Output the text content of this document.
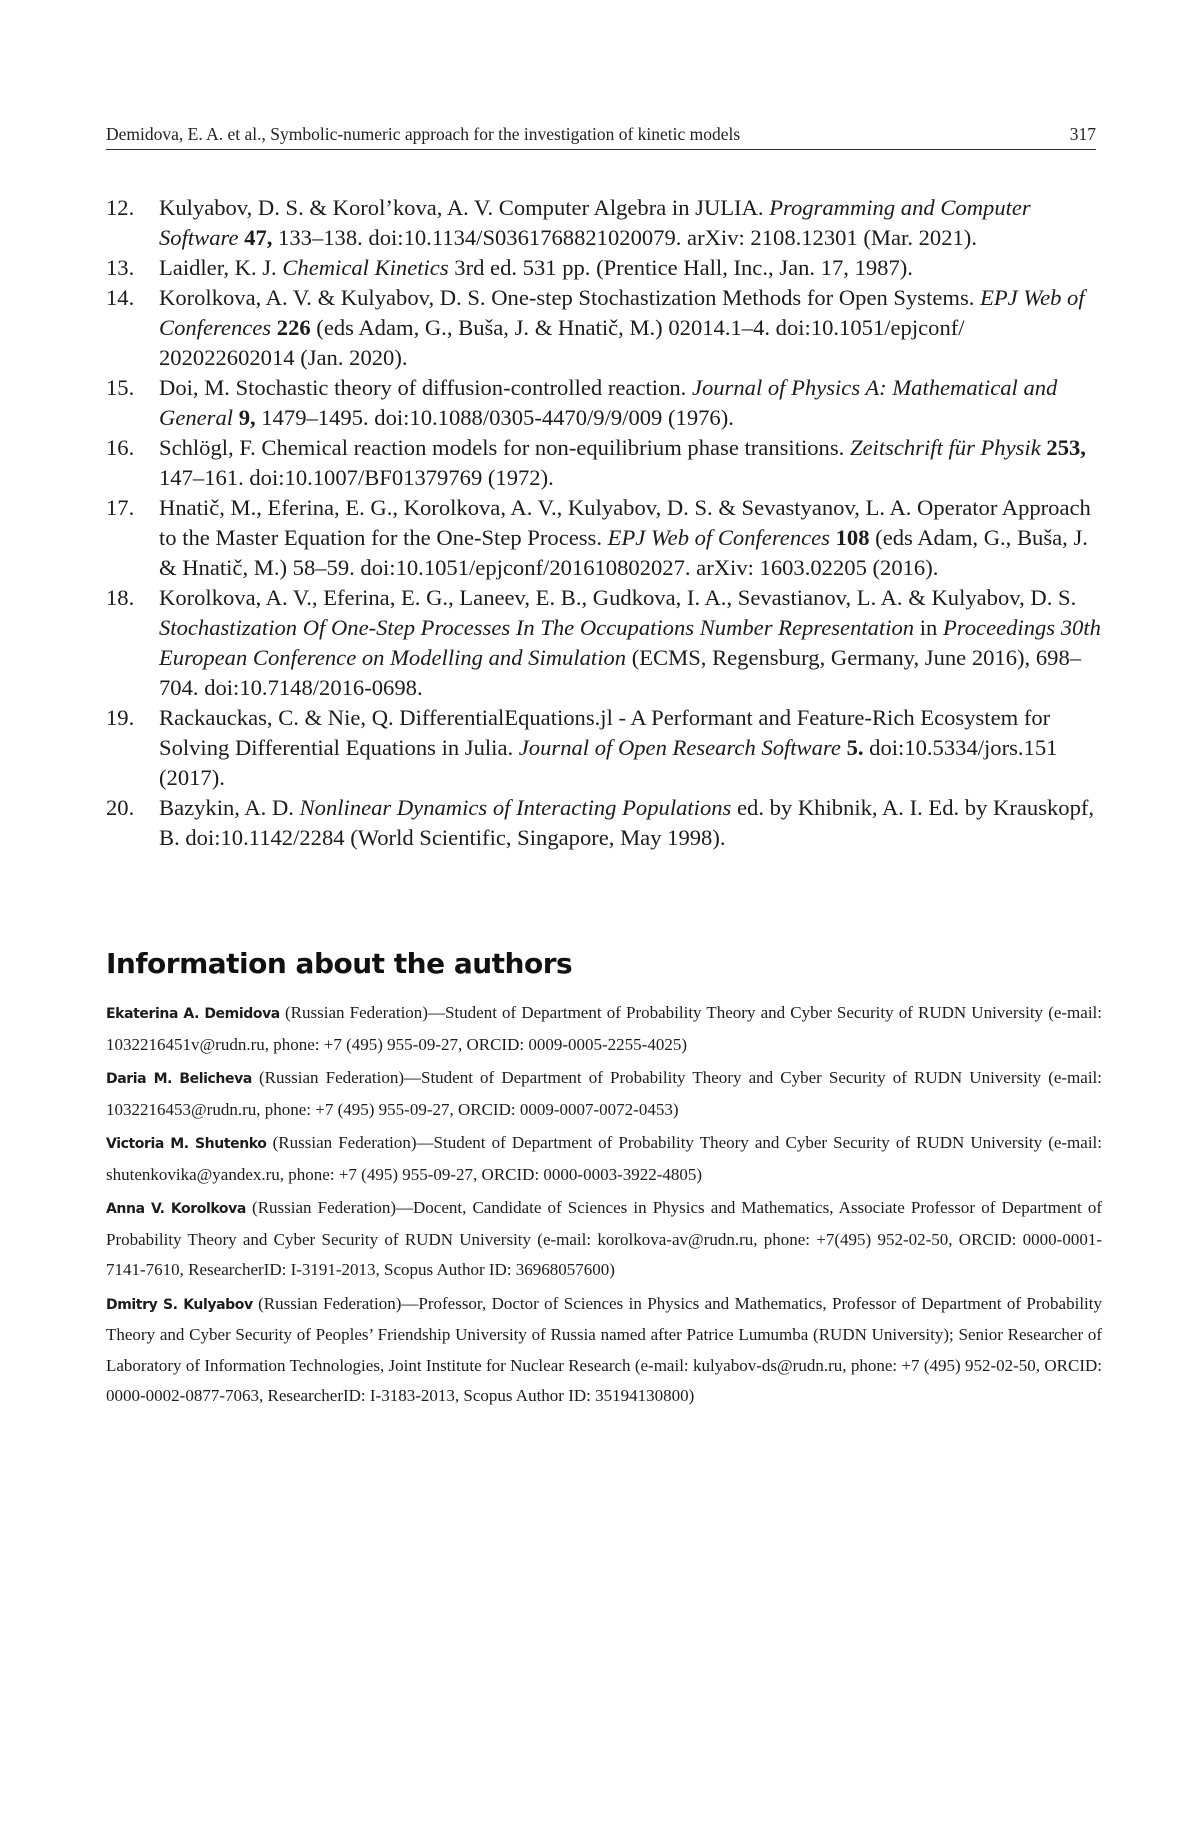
Demidova, E. A. et al., Symbolic-numeric approach for the investigation of kinetic models	317
12. Kulyabov, D. S. & Korol’kova, A. V. Computer Algebra in JULIA. Programming and Computer Software 47, 133–138. doi:10.1134/S0361768821020079. arXiv: 2108.12301 (Mar. 2021).
13. Laidler, K. J. Chemical Kinetics 3rd ed. 531 pp. (Prentice Hall, Inc., Jan. 17, 1987).
14. Korolkova, A. V. & Kulyabov, D. S. One-step Stochastization Methods for Open Systems. EPJ Web of Conferences 226 (eds Adam, G., Buša, J. & Hnatič, M.) 02014.1–4. doi:10.1051/epjconf/ 202022602014 (Jan. 2020).
15. Doi, M. Stochastic theory of diffusion-controlled reaction. Journal of Physics A: Mathematical and General 9, 1479–1495. doi:10.1088/0305-4470/9/9/009 (1976).
16. Schlögl, F. Chemical reaction models for non-equilibrium phase transitions. Zeitschrift für Physik 253, 147–161. doi:10.1007/BF01379769 (1972).
17. Hnatič, M., Eferina, E. G., Korolkova, A. V., Kulyabov, D. S. & Sevastyanov, L. A. Operator Approach to the Master Equation for the One-Step Process. EPJ Web of Conferences 108 (eds Adam, G., Buša, J. & Hnatič, M.) 58–59. doi:10.1051/epjconf/201610802027. arXiv: 1603.02205 (2016).
18. Korolkova, A. V., Eferina, E. G., Laneev, E. B., Gudkova, I. A., Sevastianov, L. A. & Kulyabov, D. S. Stochastization Of One-Step Processes In The Occupations Number Representation in Proceedings 30th European Conference on Modelling and Simulation (ECMS, Regensburg, Germany, June 2016), 698–704. doi:10.7148/2016-0698.
19. Rackauckas, C. & Nie, Q. DifferentialEquations.jl - A Performant and Feature-Rich Ecosystem for Solving Differential Equations in Julia. Journal of Open Research Software 5. doi:10.5334/jors.151 (2017).
20. Bazykin, A. D. Nonlinear Dynamics of Interacting Populations ed. by Khibnik, A. I. Ed. by Krauskopf, B. doi:10.1142/2284 (World Scientific, Singapore, May 1998).
Information about the authors

Ekaterina A. Demidova (Russian Federation)—Student of Department of Probability Theory and Cyber Security of RUDN University (e-mail: 1032216451v@rudn.ru, phone: +7 (495) 955-09-27, ORCID: 0009-0005-2255-4025)

Daria M. Belicheva (Russian Federation)—Student of Department of Probability Theory and Cyber Security of RUDN University (e-mail: 1032216453@rudn.ru, phone: +7 (495) 955-09-27, ORCID: 0009-0007-0072-0453)

Victoria M. Shutenko (Russian Federation)—Student of Department of Probability Theory and Cyber Security of RUDN University (e-mail: shutenkovika@yandex.ru, phone: +7 (495) 955-09-27, ORCID: 0000-0003-3922-4805)

Anna V. Korolkova (Russian Federation)—Docent, Candidate of Sciences in Physics and Mathematics, Associate Professor of Department of Probability Theory and Cyber Security of RUDN University (e-mail: korolkova-av@rudn.ru, phone: +7(495) 952-02-50, ORCID: 0000-0001-7141-7610, ResearcherID: I-3191-2013, Scopus Author ID: 36968057600)

Dmitry S. Kulyabov (Russian Federation)—Professor, Doctor of Sciences in Physics and Mathematics, Professor of Department of Probability Theory and Cyber Security of Peoples’ Friendship University of Russia named after Patrice Lumumba (RUDN University); Senior Researcher of Laboratory of Information Technologies, Joint Institute for Nuclear Research (e-mail: kulyabov-ds@rudn.ru, phone: +7 (495) 952-02-50, ORCID: 0000-0002-0877-7063, ResearcherID: I-3183-2013, Scopus Author ID: 35194130800)
